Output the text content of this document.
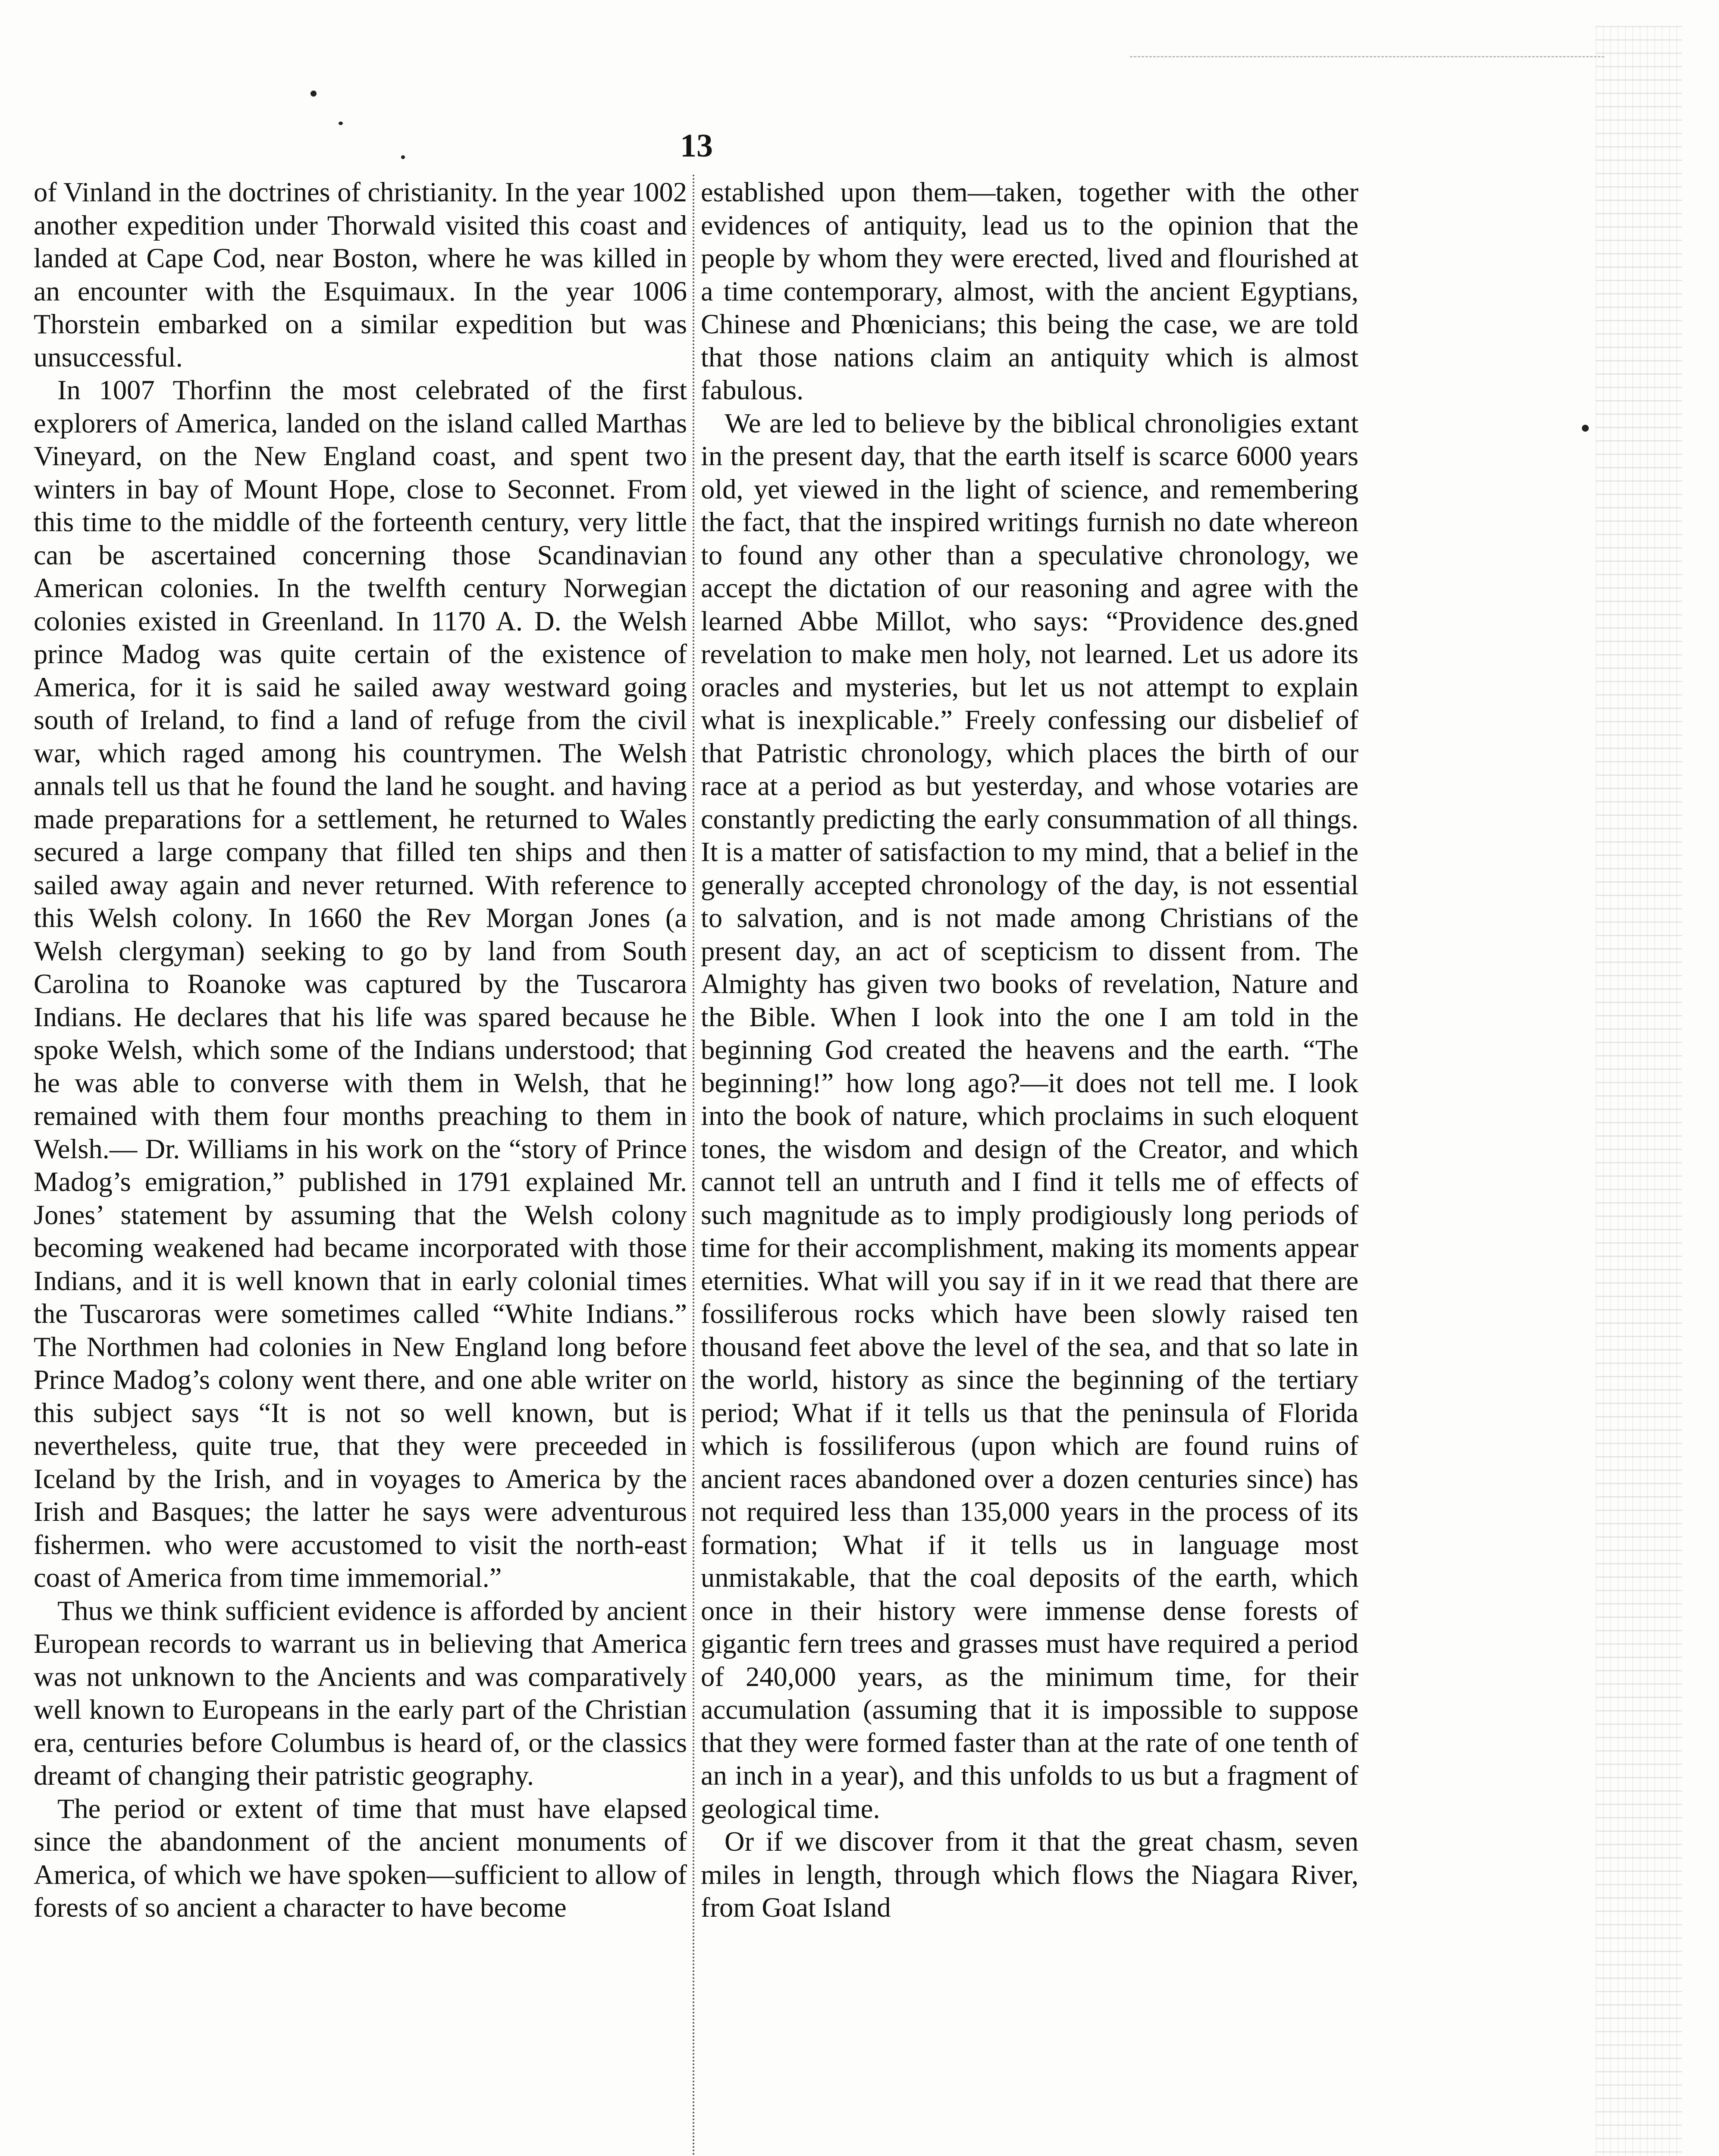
13

of Vinland in the doctrines of christianity. In the year 1002 another expedition under Thorwald visited this coast and landed at Cape Cod, near Boston, where he was killed in an encounter with the Esquimaux. In the year 1006 Thorstein embarked on a similar expedition but was unsuccessful.

In 1007 Thorfinn the most celebrated of the first explorers of America, landed on the island called Marthas Vineyard, on the New England coast, and spent two winters in bay of Mount Hope, close to Seconnet. From this time to the middle of the forteenth century, very little can be ascertained concerning those Scandinavian American colonies. In the twelfth century Norwegian colonies existed in Greenland. In 1170 A. D. the Welsh prince Madog was quite certain of the existence of America, for it is said he sailed away westward going south of Ireland, to find a land of refuge from the civil war, which raged among his countrymen. The Welsh annals tell us that he found the land he sought. and having made preparations for a settlement, he returned to Wales secured a large company that filled ten ships and then sailed away again and never returned. With reference to this Welsh colony. In 1660 the Rev Morgan Jones (a Welsh clergyman) seeking to go by land from South Carolina to Roanoke was captured by the Tuscarora Indians. He declares that his life was spared because he spoke Welsh, which some of the Indians understood; that he was able to converse with them in Welsh, that he remained with them four months preaching to them in Welsh.— Dr. Williams in his work on the “story of Prince Madog’s emigration,” published in 1791 explained Mr. Jones’ statement by assuming that the Welsh colony becoming weakened had became incorporated with those Indians, and it is well known that in early colonial times the Tuscaroras were sometimes called “White Indians.” The Northmen had colonies in New England long before Prince Madog’s colony went there, and one able writer on this subject says “It is not so well known, but is nevertheless, quite true, that they were preceeded in Iceland by the Irish, and in voyages to America by the Irish and Basques; the latter he says were adventurous fishermen. who were accustomed to visit the north-east coast of America from time immemorial.”

Thus we think sufficient evidence is afforded by ancient European records to warrant us in believing that America was not unknown to the Ancients and was comparatively well known to Europeans in the early part of the Christian era, centuries before Columbus is heard of, or the classics dreamt of changing their patristic geography.

The period or extent of time that must have elapsed since the abandonment of the ancient monuments of America, of which we have spoken—sufficient to allow of forests of so ancient a character to have become

established upon them—taken, together with the other evidences of antiquity, lead us to the opinion that the people by whom they were erected, lived and flourished at a time contemporary, almost, with the ancient Egyptians, Chinese and Phœnicians; this being the case, we are told that those nations claim an antiquity which is almost fabulous.

We are led to believe by the biblical chronoligies extant in the present day, that the earth itself is scarce 6000 years old, yet viewed in the light of science, and remembering the fact, that the inspired writings furnish no date whereon to found any other than a speculative chronology, we accept the dictation of our reasoning and agree with the learned Abbe Millot, who says: “Providence des.gned revelation to make men holy, not learned. Let us adore its oracles and mysteries, but let us not attempt to explain what is inexplicable.” Freely confessing our disbelief of that Patristic chronology, which places the birth of our race at a period as but yesterday, and whose votaries are constantly predicting the early consummation of all things. It is a matter of satisfaction to my mind, that a belief in the generally accepted chronology of the day, is not essential to salvation, and is not made among Christians of the present day, an act of scepticism to dissent from. The Almighty has given two books of revelation, Nature and the Bible. When I look into the one I am told in the beginning God created the heavens and the earth. “The beginning!” how long ago?—it does not tell me. I look into the book of nature, which proclaims in such eloquent tones, the wisdom and design of the Creator, and which cannot tell an untruth and I find it tells me of effects of such magnitude as to imply prodigiously long periods of time for their accomplishment, making its moments appear eternities. What will you say if in it we read that there are fossiliferous rocks which have been slowly raised ten thousand feet above the level of the sea, and that so late in the world, history as since the beginning of the tertiary period; What if it tells us that the peninsula of Florida which is fossiliferous (upon which are found ruins of ancient races abandoned over a dozen centuries since) has not required less than 135,000 years in the process of its formation; What if it tells us in language most unmistakable, that the coal deposits of the earth, which once in their history were immense dense forests of gigantic fern trees and grasses must have required a period of 240,000 years, as the minimum time, for their accumulation (assuming that it is impossible to suppose that they were formed faster than at the rate of one tenth of an inch in a year), and this unfolds to us but a fragment of geological time.

Or if we discover from it that the great chasm, seven miles in length, through which flows the Niagara River, from Goat Island
